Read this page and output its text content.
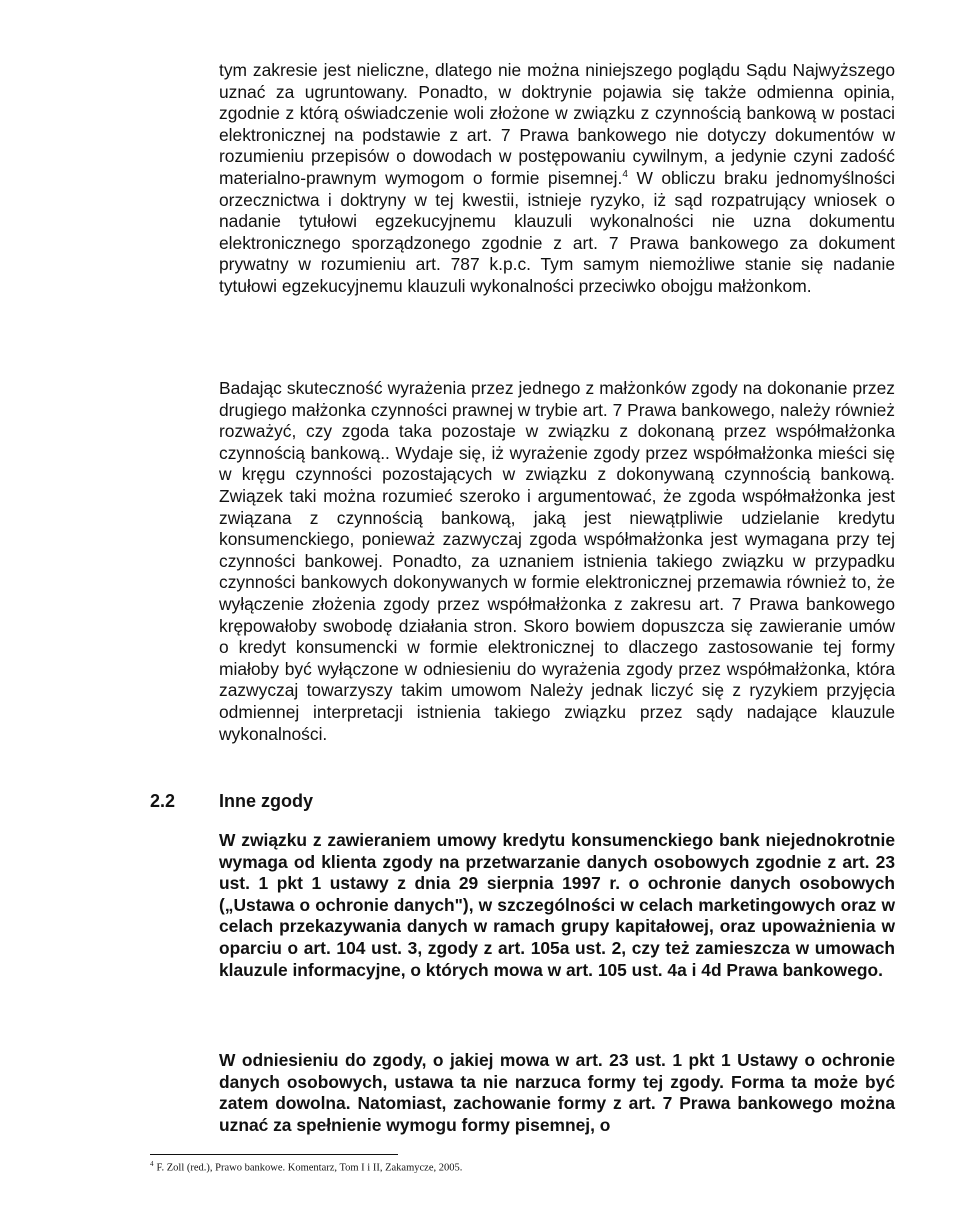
tym zakresie jest nieliczne, dlatego nie można niniejszego poglądu Sądu Najwyższego uznać za ugruntowany. Ponadto, w doktrynie pojawia się także odmienna opinia, zgodnie z którą oświadczenie woli złożone w związku z czynnością bankową w postaci elektronicznej na podstawie z art. 7 Prawa bankowego nie dotyczy dokumentów w rozumieniu przepisów o dowodach w postępowaniu cywilnym, a jedynie czyni zadość materialno-prawnym wymogom o formie pisemnej.$^4$ W obliczu braku jednomyślności orzecznictwa i doktryny w tej kwestii, istnieje ryzyko, iż sąd rozpatrujący wniosek o nadanie tytułowi egzekucyjnemu klauzuli wykonalności nie uzna dokumentu elektronicznego sporządzonego zgodnie z art. 7 Prawa bankowego za dokument prywatny w rozumieniu art. 787 k.p.c. Tym samym niemożliwe stanie się nadanie tytułowi egzekucyjnemu klauzuli wykonalności przeciwko obojgu małżonkom.

Badając skuteczność wyrażenia przez jednego z małżonków zgody na dokonanie przez drugiego małżonka czynności prawnej w trybie art. 7 Prawa bankowego, należy również rozważyć, czy zgoda taka pozostaje w związku z dokonaną przez współmałżonka czynnością bankową.. Wydaje się, iż wyrażenie zgody przez współmałżonka mieści się w kręgu czynności pozostających w związku z dokonywaną czynnością bankową. Związek taki można rozumieć szeroko i argumentować, że zgoda współmałżonka jest związana z czynnością bankową, jaką jest niewątpliwie udzielanie kredytu konsumenckiego, ponieważ zazwyczaj zgoda współmałżonka jest wymagana przy tej czynności bankowej. Ponadto, za uznaniem istnienia takiego związku w przypadku czynności bankowych dokonywanych w formie elektronicznej przemawia również to, że wyłączenie złożenia zgody przez współmałżonka z zakresu art. 7 Prawa bankowego krępowałoby swobodę działania stron. Skoro bowiem dopuszcza się zawieranie umów o kredyt konsumencki w formie elektronicznej to dlaczego zastosowanie tej formy miałoby być wyłączone w odniesieniu do wyrażenia zgody przez współmałżonka, która zazwyczaj towarzyszy takim umowom Należy jednak liczyć się z ryzykiem przyjęcia odmiennej interpretacji istnienia takiego związku przez sądy nadające klauzule wykonalności.

2.2 Inne zgody

W związku z zawieraniem umowy kredytu konsumenckiego bank niejednokrotnie wymaga od klienta zgody na przetwarzanie danych osobowych zgodnie z art. 23 ust. 1 pkt 1 ustawy z dnia 29 sierpnia 1997 r. o ochronie danych osobowych („Ustawa o ochronie danych"), w szczególności w celach marketingowych oraz w celach przekazywania danych w ramach grupy kapitałowej, oraz upoważnienia w oparciu o art. 104 ust. 3, zgody z art. 105a ust. 2, czy też zamieszcza w umowach klauzule informacyjne, o których mowa w art. 105 ust. 4a i 4d Prawa bankowego.

W odniesieniu do zgody, o jakiej mowa w art. 23 ust. 1 pkt 1 Ustawy o ochronie danych osobowych, ustawa ta nie narzuca formy tej zgody. Forma ta może być zatem dowolna. Natomiast, zachowanie formy z art. 7 Prawa bankowego można uznać za spełnienie wymogu formy pisemnej, o

$^4$ F. Zoll (red.), Prawo bankowe. Komentarz, Tom I i II, Zakamycze, 2005.
